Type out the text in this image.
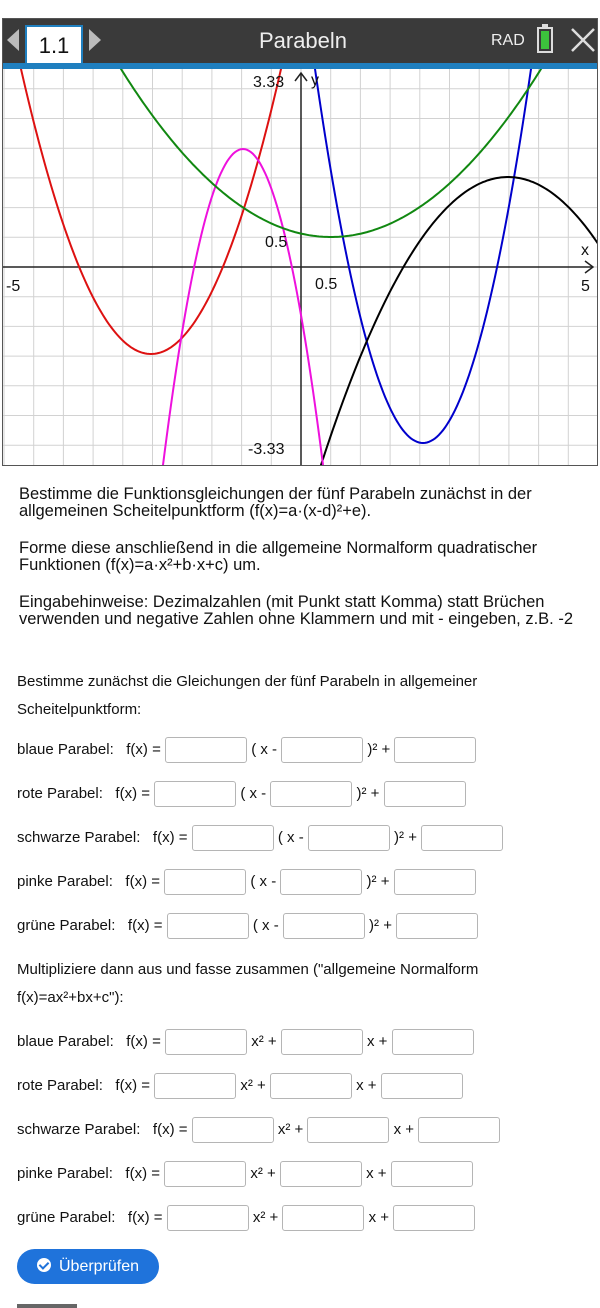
1.1	Parabeln	RAD
3.33 y
0.5
0.5
-5	5
x
-3.33
Bestimme die Funktionsgleichungen der fünf Parabeln zunächst in der allgemeinen Scheitelpunktform (f(x)=a·(x-d)²+e).
Forme diese anschließend in die allgemeine Normalform quadratischer Funktionen (f(x)=a·x²+b·x+c) um.
Eingabehinweise: Dezimalzahlen (mit Punkt statt Komma) statt Brüchen verwenden und negative Zahlen ohne Klammern und mit - eingeben, z.B. -2
Bestimme zunächst die Gleichungen der fünf Parabeln in allgemeiner Scheitelpunktform:
blaue Parabel: f(x) =	( x -	)² +
rote Parabel: f(x) =	( x -	)² +
schwarze Parabel: f(x) =	( x -	)² +
pinke Parabel: f(x) =	( x -	)² +
grüne Parabel: f(x) =	( x -	)² +
Multipliziere dann aus und fasse zusammen ("allgemeine Normalform f(x)=ax²+bx+c"):
blaue Parabel: f(x) =	x² +	x +
rote Parabel: f(x) =	x² +	x +
schwarze Parabel: f(x) =	x² +	x +
pinke Parabel: f(x) =	x² +	x +
grüne Parabel: f(x) =	x² +	x +
Überprüfen
